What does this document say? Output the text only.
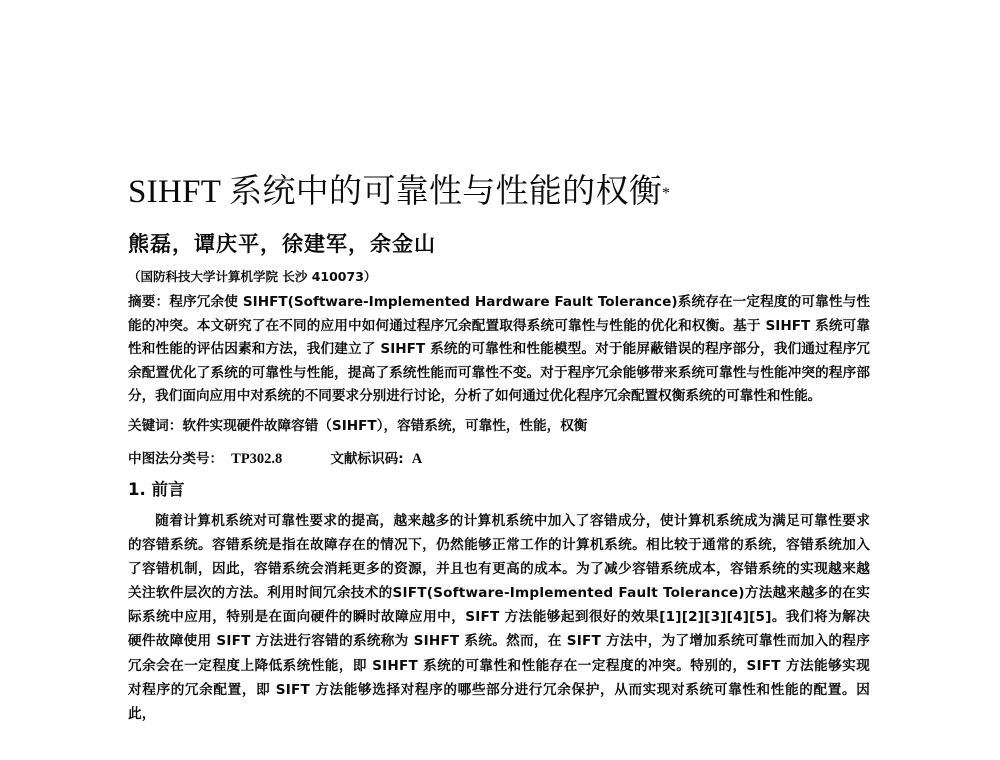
SIHFT 系统中的可靠性与性能的权衡*
熊磊，谭庆平，徐建军，余金山
（国防科技大学计算机学院 长沙 410073）
摘要：程序冗余使 SIHFT(Software-Implemented Hardware Fault Tolerance)系统存在一定程度的可靠性与性能的冲突。本文研究了在不同的应用中如何通过程序冗余配置取得系统可靠性与性能的优化和权衡。基于 SIHFT 系统可靠性和性能的评估因素和方法，我们建立了 SIHFT 系统的可靠性和性能模型。对于能屏蔽错误的程序部分，我们通过程序冗余配置优化了系统的可靠性与性能，提高了系统性能而可靠性不变。对于程序冗余能够带来系统可靠性与性能冲突的程序部分，我们面向应用中对系统的不同要求分别进行讨论，分析了如何通过优化程序冗余配置权衡系统的可靠性和性能。
关键词：软件实现硬件故障容错（SIHFT），容错系统，可靠性，性能，权衡
中图法分类号： TP302.8	文献标识码: A
1. 前言
随着计算机系统对可靠性要求的提高，越来越多的计算机系统中加入了容错成分，使计算机系统成为满足可靠性要求的容错系统。容错系统是指在故障存在的情况下，仍然能够正常工作的计算机系统。相比较于通常的系统，容错系统加入了容错机制，因此，容错系统会消耗更多的资源，并且也有更高的成本。为了减少容错系统成本，容错系统的实现越来越关注软件层次的方法。利用时间冗余技术的SIFT(Software-Implemented Fault Tolerance)方法越来越多的在实际系统中应用，特别是在面向硬件的瞬时故障应用中，SIFT 方法能够起到很好的效果[1][2][3][4][5]。我们将为解决硬件故障使用 SIFT 方法进行容错的系统称为 SIHFT 系统。然而，在 SIFT 方法中，为了增加系统可靠性而加入的程序冗余会在一定程度上降低系统性能，即 SIHFT 系统的可靠性和性能存在一定程度的冲突。特别的，SIFT 方法能够实现对程序的冗余配置，即 SIFT 方法能够选择对程序的哪些部分进行冗余保护，从而实现对系统可靠性和性能的配置。因此，
